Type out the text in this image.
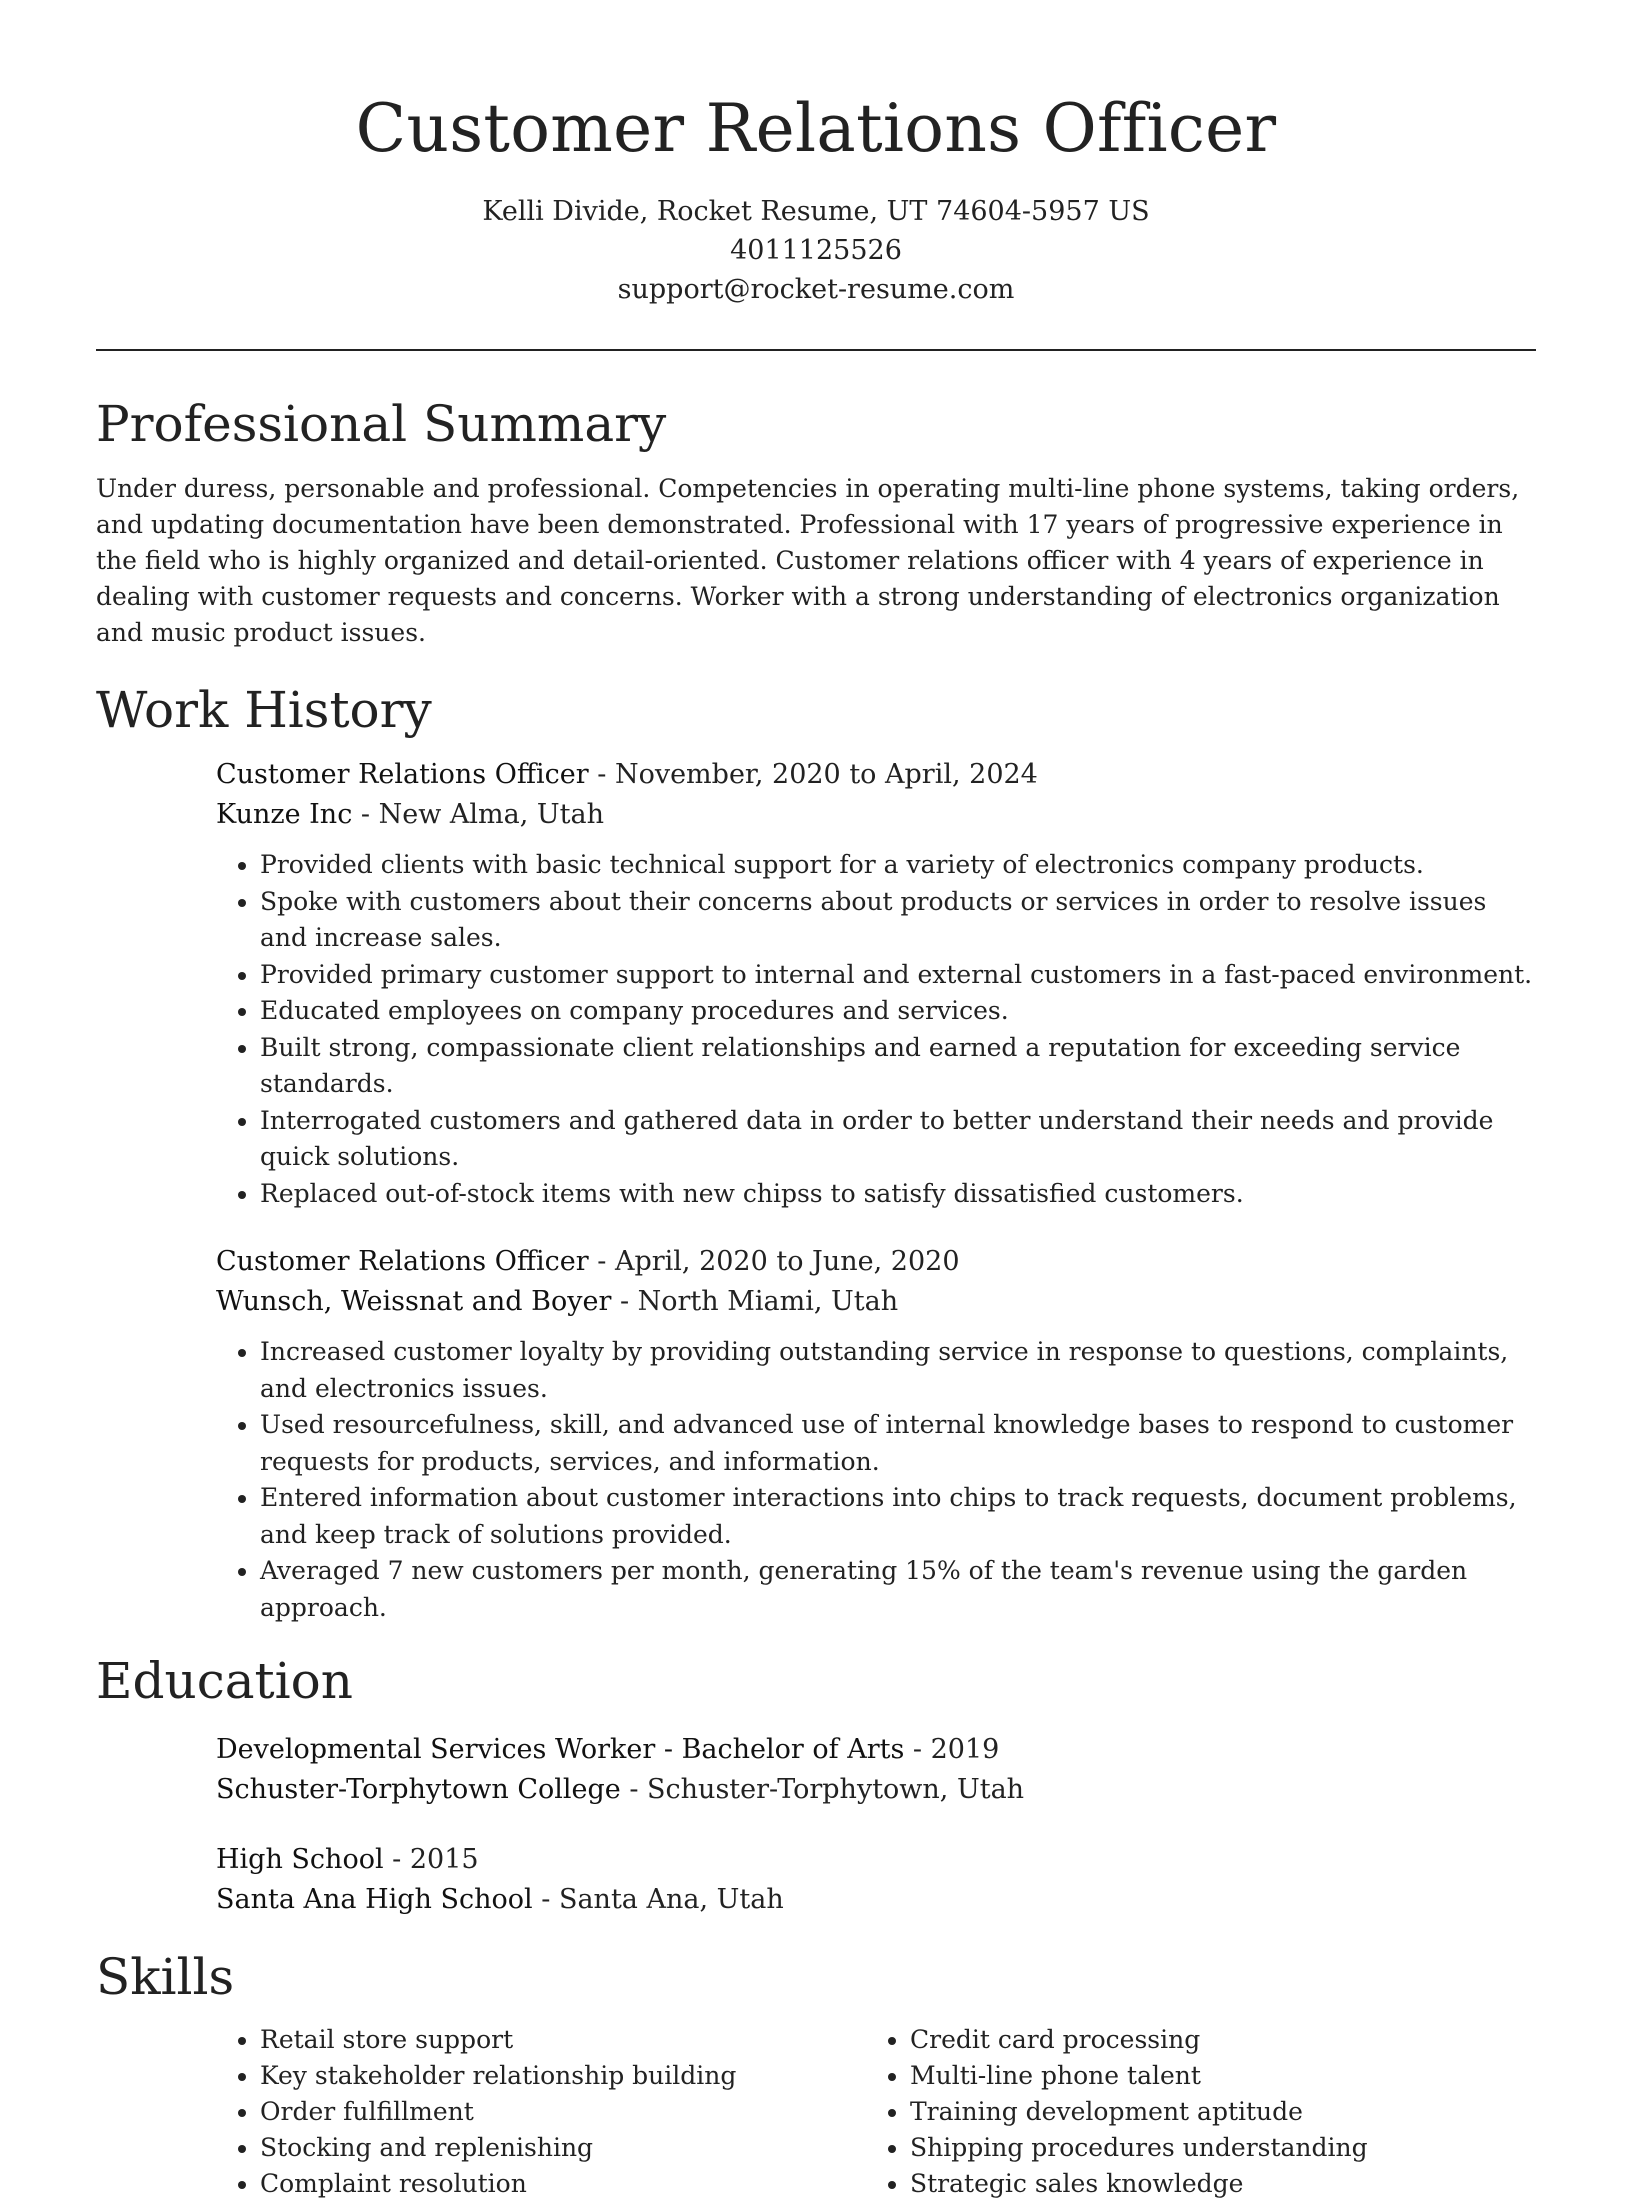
Customer Relations Officer
Kelli Divide, Rocket Resume, UT 74604-5957 US
4011125526
support@rocket-resume.com
Professional Summary

Under duress, personable and professional. Competencies in operating multi-line phone systems, taking orders, and updating documentation have been demonstrated. Professional with 17 years of progressive experience in the field who is highly organized and detail-oriented. Customer relations officer with 4 years of experience in dealing with customer requests and concerns. Worker with a strong understanding of electronics organization and music product issues.

Work History
Customer Relations Officer - November, 2020 to April, 2024
Kunze Inc - New Alma, Utah
• Provided clients with basic technical support for a variety of electronics company products.
• Spoke with customers about their concerns about products or services in order to resolve issues and increase sales.
• Provided primary customer support to internal and external customers in a fast-paced environment.
• Educated employees on company procedures and services.
• Built strong, compassionate client relationships and earned a reputation for exceeding service standards.
• Interrogated customers and gathered data in order to better understand their needs and provide quick solutions.
• Replaced out-of-stock items with new chipss to satisfy dissatisfied customers.
Customer Relations Officer - April, 2020 to June, 2020
Wunsch, Weissnat and Boyer - North Miami, Utah
• Increased customer loyalty by providing outstanding service in response to questions, complaints, and electronics issues.
• Used resourcefulness, skill, and advanced use of internal knowledge bases to respond to customer requests for products, services, and information.
• Entered information about customer interactions into chips to track requests, document problems, and keep track of solutions provided.
• Averaged 7 new customers per month, generating 15% of the team's revenue using the garden approach.
Education
Developmental Services Worker - Bachelor of Arts - 2019
Schuster-Torphytown College - Schuster-Torphytown, Utah
High School - 2015
Santa Ana High School - Santa Ana, Utah
Skills
• Retail store support
• Key stakeholder relationship building
• Order fulfillment
• Stocking and replenishing
• Complaint resolution
• Credit card processing
• Multi-line phone talent
• Training development aptitude
• Shipping procedures understanding
• Strategic sales knowledge
